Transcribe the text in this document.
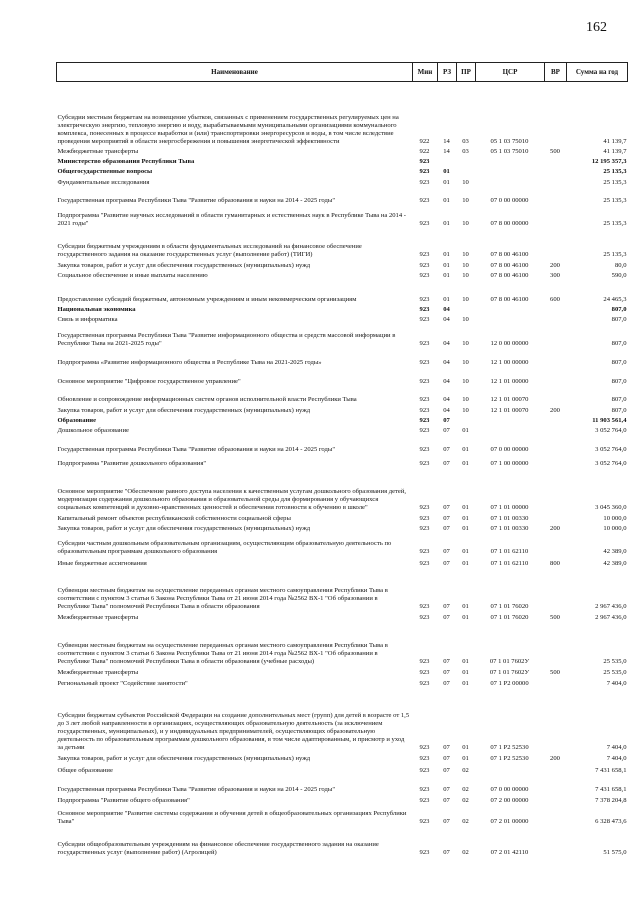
162
Наименование	Мин	РЗ	ПР	ЦСР	ВР	Сумма на год
Субсидии местным бюджетам на возмещение убытков, связанных с применением государственных регулируемых цен на электрическую энергию, тепловую энергию и воду, вырабатываемыми муниципальными организациями коммунального комплекса, понесенных в процессе выработки и (или) транспортировки энергоресурсов и воды, в том числе вследствие проведения мероприятий в области энергосбережения и повышения энергетической эффективности	922	14	03	05 1 03 75010		41 139,7
Межбюджетные трансферты	922	14	03	05 1 03 75010	500	41 139,7
Министерство образования Республики Тыва	923					12 195 357,3
Общегосударственные вопросы	923	01				25 135,3
Фундаментальные исследования	923	01	10			25 135,3
Государственная программа Республики Тыва "Развитие образования и науки на 2014 - 2025 годы"	923	01	10	07 0 00 00000		25 135,3
Подпрограмма "Развитие научных исследований в области гуманитарных и естественных наук в Республике Тыва на 2014 - 2021 годы"	923	01	10	07 8 00 00000		25 135,3
Субсидии бюджетным учреждениям в области фундаментальных исследований на финансовое обеспечение государственного задания на оказание государственных услуг (выполнение работ) (ТИГИ)	923	01	10	07 8 00 46100		25 135,3
Закупка товаров, работ и услуг для обеспечения государственных (муниципальных) нужд	923	01	10	07 8 00 46100	200	80,0
Социальное обеспечение и иные выплаты населению	923	01	10	07 8 00 46100	300	590,0
Предоставление субсидий бюджетным, автономным учреждениям и иным некоммерческим организациям	923	01	10	07 8 00 46100	600	24 465,3
Национальная экономика	923	04				807,0
Связь и информатика	923	04	10			807,0
Государственная программа Республики Тыва "Развитие информационного общества и средств массовой информации в Республике Тыва на 2021-2025 годы"	923	04	10	12 0 00 00000		807,0
Подпрограмма «Развитие информационного общества в Республике Тыва на 2021-2025 годы»	923	04	10	12 1 00 00000		807,0
Основное мероприятие "Цифровое государственное управление"	923	04	10	12 1 01 00000		807,0
Обновление и сопровождение информационных систем органов исполнительной власти Республики Тыва	923	04	10	12 1 01 00070		807,0
Закупка товаров, работ и услуг для обеспечения государственных (муниципальных) нужд	923	04	10	12 1 01 00070	200	807,0
Образование	923	07				11 903 561,4
Дошкольное образование	923	07	01			3 052 764,0
Государственная программа Республики Тыва "Развитие образования и науки на 2014 - 2025 годы"	923	07	01	07 0 00 00000		3 052 764,0
Подпрограмма "Развитие дошкольного образования"	923	07	01	07 1 00 00000		3 052 764,0
Основное мероприятие "Обеспечение равного доступа населения к качественным услугам дошкольного образования детей, модернизация содержания дошкольного образования и образовательной среды для формирования у обучающихся социальных компетенций и духовно-нравственных ценностей и обеспечения готовности к обучению в школе"	923	07	01	07 1 01 00000		3 045 360,0
Капитальный ремонт объектов республиканской собственности социальной сферы	923	07	01	07 1 01 00330		10 000,0
Закупка товаров, работ и услуг для обеспечения государственных (муниципальных) нужд	923	07	01	07 1 01 00330	200	10 000,0
Субсидии частным дошкольным образовательным организациям, осуществляющим образовательную деятельность по образовательным программам дошкольного образования	923	07	01	07 1 01 62110		42 389,0
Иные бюджетные ассигнования	923	07	01	07 1 01 62110	800	42 389,0
Субвенции местным бюджетам на осуществление переданных органам местного самоуправления Республики Тыва в соответствии с пунктом 3 статьи 6 Закона Республики Тыва от 21 июня 2014 года №2562 ВХ-1 "Об образовании в Республике Тыва" полномочий Республики Тыва в области образования	923	07	01	07 1 01 76020		2 967 436,0
Межбюджетные трансферты	923	07	01	07 1 01 76020	500	2 967 436,0
Субвенции местным бюджетам на осуществление переданных органам местного самоуправления Республики Тыва в соответствии с пунктом 3 статьи 6 Закона Республики Тыва от 21 июня 2014 года №2562 ВХ-1 "Об образовании в Республике Тыва" полномочий Республики Тыва в области образования (учебные расходы)	923	07	01	07 1 01 7602У		25 535,0
Межбюджетные трансферты	923	07	01	07 1 01 7602У	500	25 535,0
Региональный проект "Содействие занятости"	923	07	01	07 1 P2 00000		7 404,0
Субсидии бюджетам субъектов Российской Федерации на создание дополнительных мест (групп) для детей в возрасте от 1,5 до 3 лет любой направленности в организациях, осуществляющих образовательную деятельность (за исключением государственных, муниципальных), и у индивидуальных предпринимателей, осуществляющих образовательную деятельность по образовательным программам дошкольного образования, в том числе адаптированным, и присмотр и уход за детьми	923	07	01	07 1 P2 52530		7 404,0
Закупка товаров, работ и услуг для обеспечения государственных (муниципальных) нужд	923	07	01	07 1 P2 52530	200	7 404,0
Общее образование	923	07	02			7 431 658,1
Государственная программа Республики Тыва "Развитие образования и науки на 2014 - 2025 годы"	923	07	02	07 0 00 00000		7 431 658,1
Подпрограмма "Развитие общего образования"	923	07	02	07 2 00 00000		7 378 204,8
Основное мероприятие "Развитие системы содержания и обучения детей в общеобразовательных организациях Республики Тыва"	923	07	02	07 2 01 00000		6 328 473,6
Субсидии общеобразовательным учреждениям на финансовое обеспечение государственного задания на оказание государственных услуг (выполнение работ) (Агролицей)	923	07	02	07 2 01 42110		51 575,0
